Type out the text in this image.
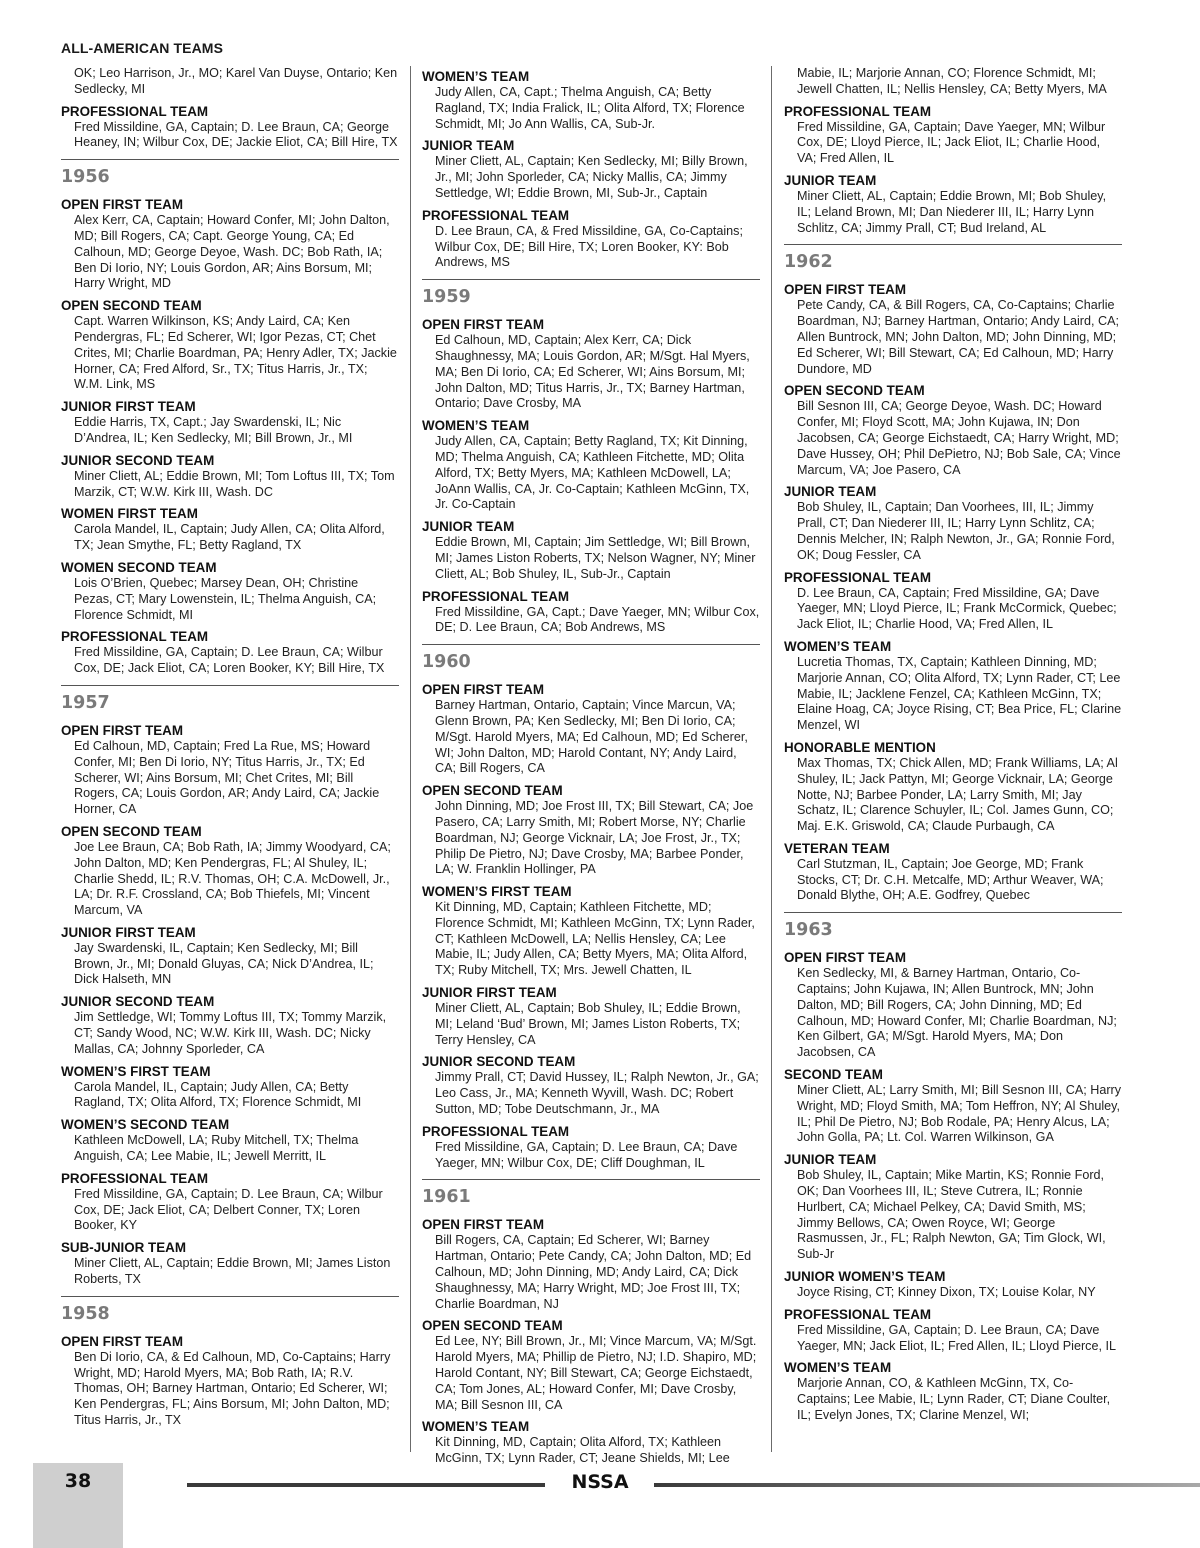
ALL-AMERICAN TEAMS
OK; Leo Harrison, Jr., MO; Karel Van Duyse, Ontario; Ken Sedlecky, MI
PROFESSIONAL TEAM
Fred Missildine, GA, Captain; D. Lee Braun, CA; George Heaney, IN; Wilbur Cox, DE; Jackie Eliot, CA; Bill Hire, TX
1956
OPEN FIRST TEAM
Alex Kerr, CA, Captain; Howard Confer, MI; John Dalton, MD; Bill Rogers, CA; Capt. George Young, CA; Ed Calhoun, MD; George Deyoe, Wash. DC; Bob Rath, IA; Ben Di Iorio, NY; Louis Gordon, AR; Ains Borsum, MI; Harry Wright, MD
OPEN SECOND TEAM
Capt. Warren Wilkinson, KS; Andy Laird, CA; Ken Pendergras, FL; Ed Scherer, WI; Igor Pezas, CT; Chet Crites, MI; Charlie Boardman, PA; Henry Adler, TX; Jackie Horner, CA; Fred Alford, Sr., TX; Titus Harris, Jr., TX; W.M. Link, MS
JUNIOR FIRST TEAM
Eddie Harris, TX, Capt.; Jay Swardenski, IL; Nic D’Andrea, IL; Ken Sedlecky, MI; Bill Brown, Jr., MI
JUNIOR SECOND TEAM
Miner Cliett, AL; Eddie Brown, MI; Tom Loftus III, TX; Tom Marzik, CT; W.W. Kirk III, Wash. DC
WOMEN FIRST TEAM
Carola Mandel, IL, Captain; Judy Allen, CA; Olita Alford, TX; Jean Smythe, FL; Betty Ragland, TX
WOMEN SECOND TEAM
Lois O’Brien, Quebec; Marsey Dean, OH; Christine Pezas, CT; Mary Lowenstein, IL; Thelma Anguish, CA; Florence Schmidt, MI
PROFESSIONAL TEAM
Fred Missildine, GA, Captain; D. Lee Braun, CA; Wilbur Cox, DE; Jack Eliot, CA; Loren Booker, KY; Bill Hire, TX
1957
OPEN FIRST TEAM
Ed Calhoun, MD, Captain; Fred La Rue, MS; Howard Confer, MI; Ben Di Iorio, NY; Titus Harris, Jr., TX; Ed Scherer, WI; Ains Borsum, MI; Chet Crites, MI; Bill Rogers, CA; Louis Gordon, AR; Andy Laird, CA; Jackie Horner, CA
OPEN SECOND TEAM
Joe Lee Braun, CA; Bob Rath, IA; Jimmy Woodyard, CA; John Dalton, MD; Ken Pendergras, FL; Al Shuley, IL; Charlie Shedd, IL; R.V. Thomas, OH; C.A. McDowell, Jr., LA; Dr. R.F. Crossland, CA; Bob Thiefels, MI; Vincent Marcum, VA
JUNIOR FIRST TEAM
Jay Swardenski, IL, Captain; Ken Sedlecky, MI; Bill Brown, Jr., MI; Donald Gluyas, CA; Nick D’Andrea, IL; Dick Halseth, MN
JUNIOR SECOND TEAM
Jim Settledge, WI; Tommy Loftus III, TX; Tommy Marzik, CT; Sandy Wood, NC; W.W. Kirk III, Wash. DC; Nicky Mallas, CA; Johnny Sporleder, CA
WOMEN’S FIRST TEAM
Carola Mandel, IL, Captain; Judy Allen, CA; Betty Ragland, TX; Olita Alford, TX; Florence Schmidt, MI
WOMEN’S SECOND TEAM
Kathleen McDowell, LA; Ruby Mitchell, TX; Thelma Anguish, CA; Lee Mabie, IL; Jewell Merritt, IL
PROFESSIONAL TEAM
Fred Missildine, GA, Captain; D. Lee Braun, CA; Wilbur Cox, DE; Jack Eliot, CA; Delbert Conner, TX; Loren Booker, KY
SUB-JUNIOR TEAM
Miner Cliett, AL, Captain; Eddie Brown, MI; James Liston Roberts, TX
1958
OPEN FIRST TEAM
Ben Di Iorio, CA, & Ed Calhoun, MD, Co-Captains; Harry Wright, MD; Harold Myers, MA; Bob Rath, IA; R.V. Thomas, OH; Barney Hartman, Ontario; Ed Scherer, WI; Ken Pendergras, FL; Ains Borsum, MI; John Dalton, MD; Titus Harris, Jr., TX
WOMEN’S TEAM
Judy Allen, CA, Capt.; Thelma Anguish, CA; Betty Ragland, TX; India Fralick, IL; Olita Alford, TX; Florence Schmidt, MI; Jo Ann Wallis, CA, Sub-Jr.
JUNIOR TEAM
Miner Cliett, AL, Captain; Ken Sedlecky, MI; Billy Brown, Jr., MI; John Sporleder, CA; Nicky Mallis, CA; Jimmy Settledge, WI; Eddie Brown, MI, Sub-Jr., Captain
PROFESSIONAL TEAM
D. Lee Braun, CA, & Fred Missildine, GA, Co-Captains; Wilbur Cox, DE; Bill Hire, TX; Loren Booker, KY: Bob Andrews, MS
1959
OPEN FIRST TEAM
Ed Calhoun, MD, Captain; Alex Kerr, CA; Dick Shaughnessy, MA; Louis Gordon, AR; M/Sgt. Hal Myers, MA; Ben Di Iorio, CA; Ed Scherer, WI; Ains Borsum, MI; John Dalton, MD; Titus Harris, Jr., TX; Barney Hartman, Ontario; Dave Crosby, MA
WOMEN’S TEAM
Judy Allen, CA, Captain; Betty Ragland, TX; Kit Dinning, MD; Thelma Anguish, CA; Kathleen Fitchette, MD; Olita Alford, TX; Betty Myers, MA; Kathleen McDowell, LA; JoAnn Wallis, CA, Jr. Co-Captain; Kathleen McGinn, TX, Jr. Co-Captain
JUNIOR TEAM
Eddie Brown, MI, Captain; Jim Settledge, WI; Bill Brown, MI; James Liston Roberts, TX; Nelson Wagner, NY; Miner Cliett, AL; Bob Shuley, IL, Sub-Jr., Captain
PROFESSIONAL TEAM
Fred Missildine, GA, Capt.; Dave Yaeger, MN; Wilbur Cox, DE; D. Lee Braun, CA; Bob Andrews, MS
1960
OPEN FIRST TEAM
Barney Hartman, Ontario, Captain; Vince Marcun, VA; Glenn Brown, PA; Ken Sedlecky, MI; Ben Di Iorio, CA; M/Sgt. Harold Myers, MA; Ed Calhoun, MD; Ed Scherer, WI; John Dalton, MD; Harold Contant, NY; Andy Laird, CA; Bill Rogers, CA
OPEN SECOND TEAM
John Dinning, MD; Joe Frost III, TX; Bill Stewart, CA; Joe Pasero, CA; Larry Smith, MI; Robert Morse, NY; Charlie Boardman, NJ; George Vicknair, LA; Joe Frost, Jr., TX; Philip De Pietro, NJ; Dave Crosby, MA; Barbee Ponder, LA; W. Franklin Hollinger, PA
WOMEN’S FIRST TEAM
Kit Dinning, MD, Captain; Kathleen Fitchette, MD; Florence Schmidt, MI; Kathleen McGinn, TX; Lynn Rader, CT; Kathleen McDowell, LA; Nellis Hensley, CA; Lee Mabie, IL; Judy Allen, CA; Betty Myers, MA; Olita Alford, TX; Ruby Mitchell, TX; Mrs. Jewell Chatten, IL
JUNIOR FIRST TEAM
Miner Cliett, AL, Captain; Bob Shuley, IL; Eddie Brown, MI; Leland ‘Bud’ Brown, MI; James Liston Roberts, TX; Terry Hensley, CA
JUNIOR SECOND TEAM
Jimmy Prall, CT; David Hussey, IL; Ralph Newton, Jr., GA; Leo Cass, Jr., MA; Kenneth Wyvill, Wash. DC; Robert Sutton, MD; Tobe Deutschmann, Jr., MA
PROFESSIONAL TEAM
Fred Missildine, GA, Captain; D. Lee Braun, CA; Dave Yaeger, MN; Wilbur Cox, DE; Cliff Doughman, IL
1961
OPEN FIRST TEAM
Bill Rogers, CA, Captain; Ed Scherer, WI; Barney Hartman, Ontario; Pete Candy, CA; John Dalton, MD; Ed Calhoun, MD; John Dinning, MD; Andy Laird, CA; Dick Shaughnessy, MA; Harry Wright, MD; Joe Frost III, TX; Charlie Boardman, NJ
OPEN SECOND TEAM
Ed Lee, NY; Bill Brown, Jr., MI; Vince Marcum, VA; M/Sgt. Harold Myers, MA; Phillip de Pietro, NJ; I.D. Shapiro, MD; Harold Contant, NY; Bill Stewart, CA; George Eichstaedt, CA; Tom Jones, AL; Howard Confer, MI; Dave Crosby, MA; Bill Sesnon III, CA
WOMEN’S TEAM
Kit Dinning, MD, Captain; Olita Alford, TX; Kathleen McGinn, TX; Lynn Rader, CT; Jeane Shields, MI; Lee
Mabie, IL; Marjorie Annan, CO; Florence Schmidt, MI; Jewell Chatten, IL; Nellis Hensley, CA; Betty Myers, MA
PROFESSIONAL TEAM
Fred Missildine, GA, Captain; Dave Yaeger, MN; Wilbur Cox, DE; Lloyd Pierce, IL; Jack Eliot, IL; Charlie Hood, VA; Fred Allen, IL
JUNIOR TEAM
Miner Cliett, AL, Captain; Eddie Brown, MI; Bob Shuley, IL; Leland Brown, MI; Dan Niederer III, IL; Harry Lynn Schlitz, CA; Jimmy Prall, CT; Bud Ireland, AL
1962
OPEN FIRST TEAM
Pete Candy, CA, & Bill Rogers, CA, Co-Captains; Charlie Boardman, NJ; Barney Hartman, Ontario; Andy Laird, CA; Allen Buntrock, MN; John Dalton, MD; John Dinning, MD; Ed Scherer, WI; Bill Stewart, CA; Ed Calhoun, MD; Harry Dundore, MD
OPEN SECOND TEAM
Bill Sesnon III, CA; George Deyoe, Wash. DC; Howard Confer, MI; Floyd Scott, MA; John Kujawa, IN; Don Jacobsen, CA; George Eichstaedt, CA; Harry Wright, MD; Dave Hussey, OH; Phil DePietro, NJ; Bob Sale, CA; Vince Marcum, VA; Joe Pasero, CA
JUNIOR TEAM
Bob Shuley, IL, Captain; Dan Voorhees, III, IL; Jimmy Prall, CT; Dan Niederer III, IL; Harry Lynn Schlitz, CA; Dennis Melcher, IN; Ralph Newton, Jr., GA; Ronnie Ford, OK; Doug Fessler, CA
PROFESSIONAL TEAM
D. Lee Braun, CA, Captain; Fred Missildine, GA; Dave Yaeger, MN; Lloyd Pierce, IL; Frank McCormick, Quebec; Jack Eliot, IL; Charlie Hood, VA; Fred Allen, IL
WOMEN’S TEAM
Lucretia Thomas, TX, Captain; Kathleen Dinning, MD; Marjorie Annan, CO; Olita Alford, TX; Lynn Rader, CT; Lee Mabie, IL; Jacklene Fenzel, CA; Kathleen McGinn, TX; Elaine Hoag, CA; Joyce Rising, CT; Bea Price, FL; Clarine Menzel, WI
HONORABLE MENTION
Max Thomas, TX; Chick Allen, MD; Frank Williams, LA; Al Shuley, IL; Jack Pattyn, MI; George Vicknair, LA; George Notte, NJ; Barbee Ponder, LA; Larry Smith, MI; Jay Schatz, IL; Clarence Schuyler, IL; Col. James Gunn, CO; Maj. E.K. Griswold, CA; Claude Purbaugh, CA
VETERAN TEAM
Carl Stutzman, IL, Captain; Joe George, MD; Frank Stocks, CT; Dr. C.H. Metcalfe, MD; Arthur Weaver, WA; Donald Blythe, OH; A.E. Godfrey, Quebec
1963
OPEN FIRST TEAM
Ken Sedlecky, MI, & Barney Hartman, Ontario, Co-Captains; John Kujawa, IN; Allen Buntrock, MN; John Dalton, MD; Bill Rogers, CA; John Dinning, MD; Ed Calhoun, MD; Howard Confer, MI; Charlie Boardman, NJ; Ken Gilbert, GA; M/Sgt. Harold Myers, MA; Don Jacobsen, CA
SECOND TEAM
Miner Cliett, AL; Larry Smith, MI; Bill Sesnon III, CA; Harry Wright, MD; Floyd Smith, MA; Tom Heffron, NY; Al Shuley, IL; Phil De Pietro, NJ; Bob Rodale, PA; Henry Alcus, LA; John Golla, PA; Lt. Col. Warren Wilkinson, GA
JUNIOR TEAM
Bob Shuley, IL, Captain; Mike Martin, KS; Ronnie Ford, OK; Dan Voorhees III, IL; Steve Cutrera, IL; Ronnie Hurlbert, CA; Michael Pelkey, CA; David Smith, MS; Jimmy Bellows, CA; Owen Royce, WI; George Rasmussen, Jr., FL; Ralph Newton, GA; Tim Glock, WI, Sub-Jr
JUNIOR WOMEN’S TEAM
Joyce Rising, CT; Kinney Dixon, TX; Louise Kolar, NY
PROFESSIONAL TEAM
Fred Missildine, GA, Captain; D. Lee Braun, CA; Dave Yaeger, MN; Jack Eliot, IL; Fred Allen, IL; Lloyd Pierce, IL
WOMEN’S TEAM
Marjorie Annan, CO, & Kathleen McGinn, TX, Co-Captains; Lee Mabie, IL; Lynn Rader, CT; Diane Coulter, IL; Evelyn Jones, TX; Clarine Menzel, WI;
38	NSSA
